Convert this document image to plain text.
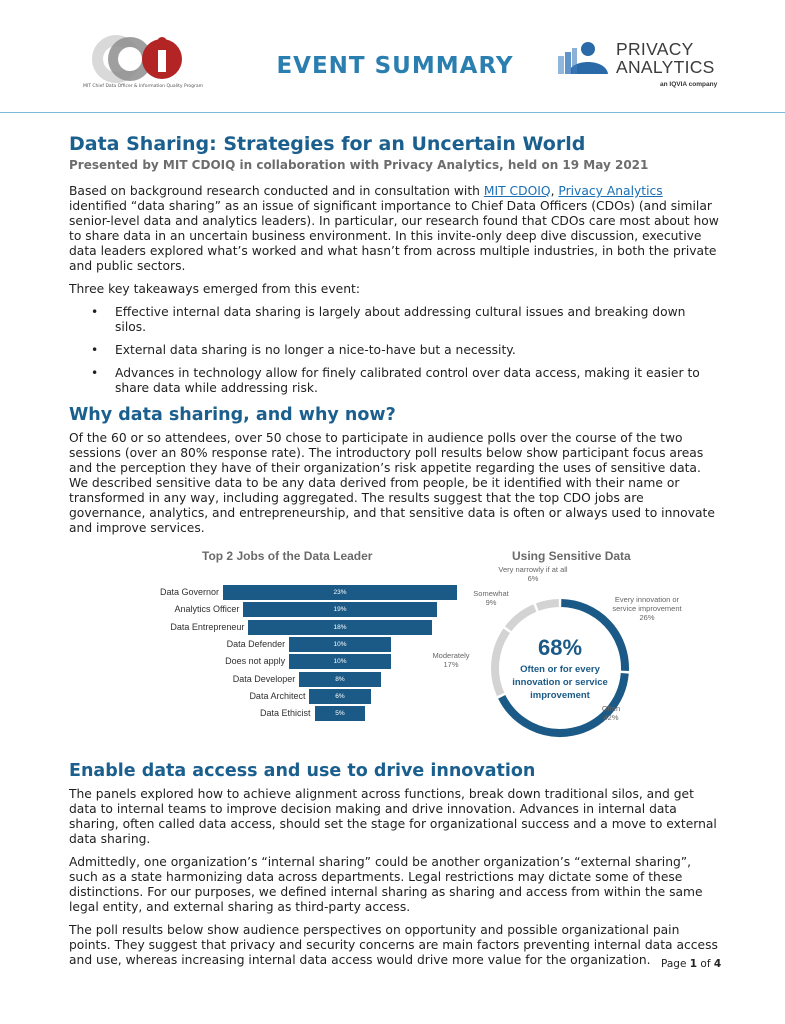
MIT Chief Data Officer & Information Quality Program
EVENT SUMMARY
PRIVACY
ANALYTICS
an IQVIA company
Data Sharing: Strategies for an Uncertain World
Presented by MIT CDOIQ in collaboration with Privacy Analytics, held on 19 May 2021

Based on background research conducted and in consultation with MIT CDOIQ, Privacy Analytics identified “data sharing” as an issue of significant importance to Chief Data Officers (CDOs) (and similar senior-level data and analytics leaders). In particular, our research found that CDOs care most about how to share data in an uncertain business environment. In this invite-only deep dive discussion, executive data leaders explored what’s worked and what hasn’t from across multiple industries, in both the private and public sectors.

Three key takeaways emerged from this event:

• Effective internal data sharing is largely about addressing cultural issues and breaking down silos.
• External data sharing is no longer a nice-to-have but a necessity.
• Advances in technology allow for finely calibrated control over data access, making it easier to share data while addressing risk.
Why data sharing, and why now?

Of the 60 or so attendees, over 50 chose to participate in audience polls over the course of the two sessions (over an 80% response rate). The introductory poll results below show participant focus areas and the perception they have of their organization’s risk appetite regarding the uses of sensitive data. We described sensitive data to be any data derived from people, be it identified with their name or transformed in any way, including aggregated. The results suggest that the top CDO jobs are governance, analytics, and entrepreneurship, and that sensitive data is often or always used to innovate and improve services.

Top 2 Jobs of the Data Leader	Using Sensitive Data
23%
Data Governor
19%
Analytics Officer
18%
Data Entrepreneur
10%
Data Defender
10%
Does not apply
8%
Data Developer
6%
Data Architect
5%
Data Ethicist
68%
Often or for every
innovation or service
improvement
Every innovation or
service improvement
26%
Often
42%
Moderately
17%
Somewhat
9%
Very narrowly if at all
6%
Enable data access and use to drive innovation

The panels explored how to achieve alignment across functions, break down traditional silos, and get data to internal teams to improve decision making and drive innovation. Advances in internal data sharing, often called data access, should set the stage for organizational success and a move to external data sharing.

Admittedly, one organization’s “internal sharing” could be another organization’s “external sharing”, such as a state harmonizing data across departments. Legal restrictions may dictate some of these distinctions. For our purposes, we defined internal sharing as sharing and access from within the same legal entity, and external sharing as third-party access.

The poll results below show audience perspectives on opportunity and possible organizational pain points. They suggest that privacy and security concerns are main factors preventing internal data access and use, whereas increasing internal data access would drive more value for the organization. Page 1 of 4
